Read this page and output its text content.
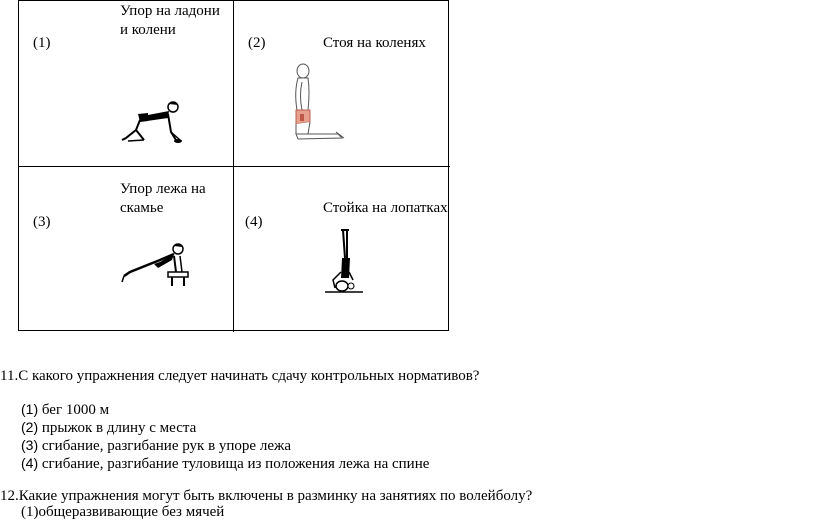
(1)
Упор на ладони
и колени
(2)	Стоя на коленях
(3)
Упор лежа на
скамье
(4)
Стойка на лопатках
11.С какого упражнения следует начинать сдачу контрольных нормативов?
(1) бег 1000 м
(2) прыжок в длину с места
(3) сгибание, разгибание рук в упоре лежа
(4) сгибание, разгибание туловища из положения лежа на спине
12.Какие упражнения могут быть включены в разминку на занятиях по волейболу?
(1)общеразвивающие без мячей
